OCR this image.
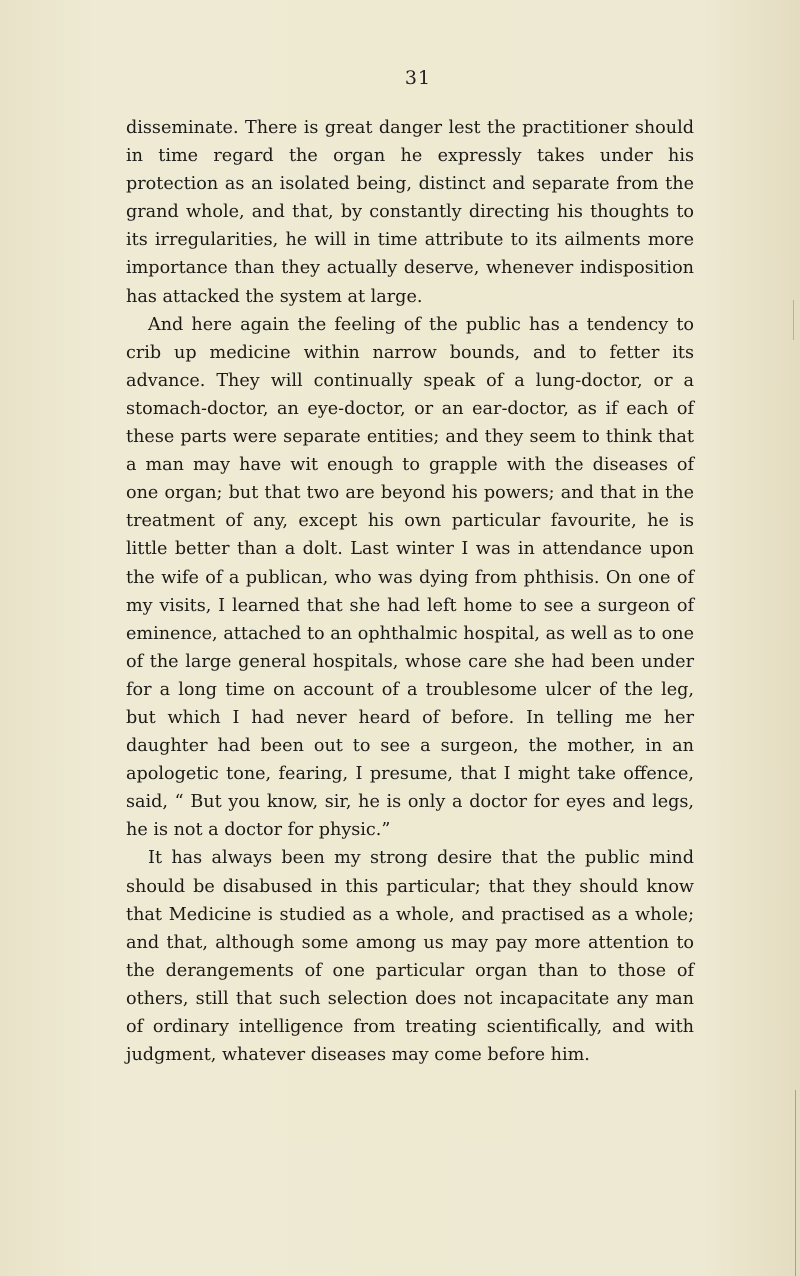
31

disseminate. There is great danger lest the practitioner should in time regard the organ he expressly takes under his protection as an isolated being, distinct and separate from the grand whole, and that, by constantly directing his thoughts to its irregularities, he will in time attribute to its ailments more importance than they actually deserve, whenever indisposition has attacked the system at large.

And here again the feeling of the public has a tendency to crib up medicine within narrow bounds, and to fetter its advance. They will continually speak of a lung-doctor, or a stomach-doctor, an eye-doctor, or an ear-doctor, as if each of these parts were separate entities; and they seem to think that a man may have wit enough to grapple with the diseases of one organ; but that two are beyond his powers; and that in the treatment of any, except his own particular favourite, he is little better than a dolt. Last winter I was in attendance upon the wife of a publican, who was dying from phthisis. On one of my visits, I learned that she had left home to see a surgeon of eminence, attached to an ophthalmic hospital, as well as to one of the large general hospitals, whose care she had been under for a long time on account of a troublesome ulcer of the leg, but which I had never heard of before. In telling me her daughter had been out to see a surgeon, the mother, in an apologetic tone, fearing, I presume, that I might take offence, said, “ But you know, sir, he is only a doctor for eyes and legs, he is not a doctor for physic.”

It has always been my strong desire that the public mind should be disabused in this particular; that they should know that Medicine is studied as a whole, and practised as a whole; and that, although some among us may pay more attention to the derangements of one particular organ than to those of others, still that such selection does not incapacitate any man of ordinary intelligence from treating scientifically, and with judgment, whatever diseases may come before him.
